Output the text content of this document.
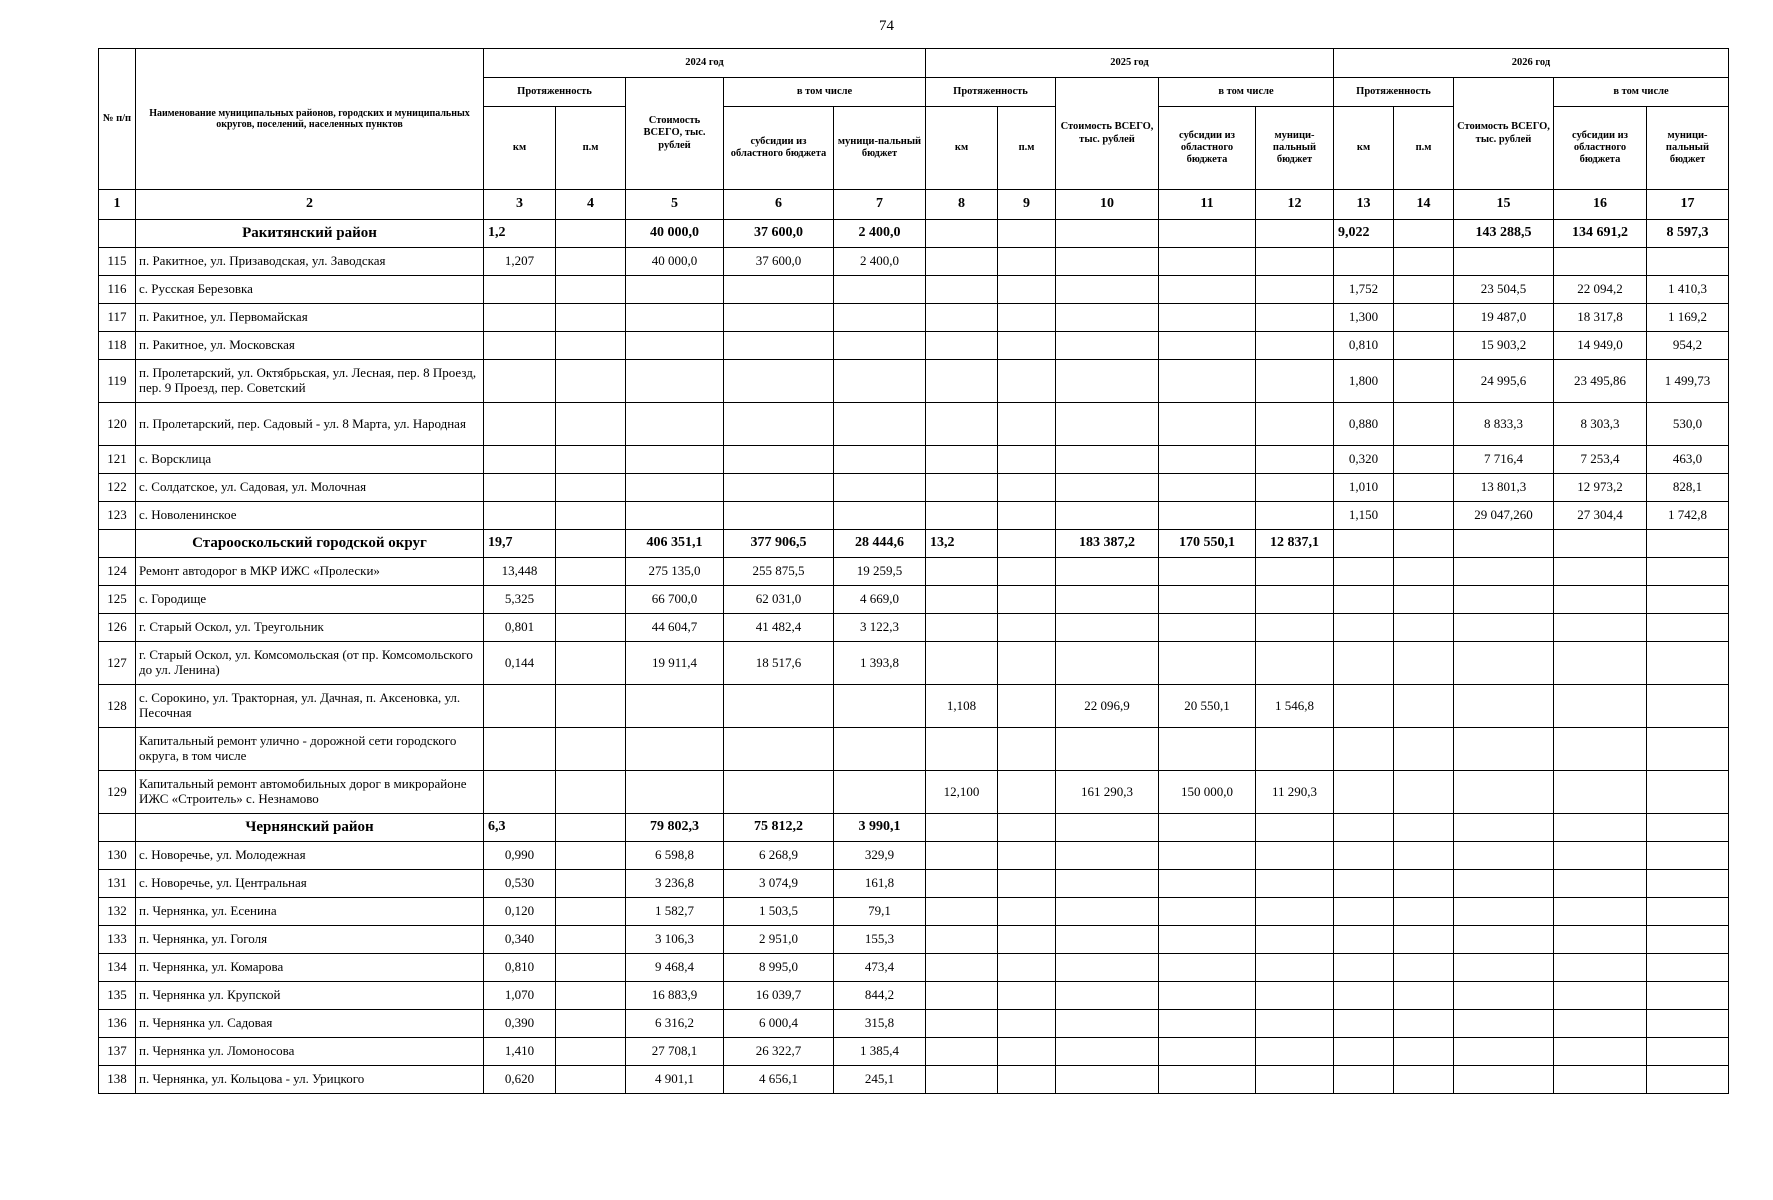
74
№ п/п	Наименование муниципальных районов, городских и муниципальных округов, поселений, населенных пунктов	2024 год					2025 год					2026 год				
		Протяженность		Стоимость ВСЕГО, тыс. рублей	в том числе		Протяженность		Стоимость ВСЕГО, тыс. рублей	в том числе		Протяженность		Стоимость ВСЕГО, тыс. рублей	в том числе	
		км	п.м		субсидии из областного бюджета	муници-пальный бюджет	км	п.м		субсидии из областного бюджета	муници-пальный бюджет	км	п.м		субсидии из областного бюджета	муници-пальный бюджет
1	2	3	4	5	6	7	8	9	10	11	12	13	14	15	16	17
	Ракитянский район	1,2		40 000,0	37 600,0	2 400,0						9,022		143 288,5	134 691,2	8 597,3
115	п. Ракитное, ул. Призаводская, ул. Заводская	1,207		40 000,0	37 600,0	2 400,0										
116	с. Русская Березовка											1,752		23 504,5	22 094,2	1 410,3
117	п. Ракитное, ул. Первомайская											1,300		19 487,0	18 317,8	1 169,2
118	п. Ракитное, ул. Московская											0,810		15 903,2	14 949,0	954,2
119	п. Пролетарский, ул. Октябрьская, ул. Лесная, пер. 8 Проезд, пер. 9 Проезд, пер. Советский											1,800		24 995,6	23 495,86	1 499,73
120	п. Пролетарский, пер. Садовый - ул. 8 Марта, ул. Народная											0,880		8 833,3	8 303,3	530,0
121	с. Ворсклица											0,320		7 716,4	7 253,4	463,0
122	с. Солдатское, ул. Садовая, ул. Молочная											1,010		13 801,3	12 973,2	828,1
123	с. Новоленинское											1,150		29 047,260	27 304,4	1 742,8
	Старооскольский городской округ	19,7		406 351,1	377 906,5	28 444,6	13,2		183 387,2	170 550,1	12 837,1					
124	Ремонт автодорог в МКР ИЖС «Пролески»	13,448		275 135,0	255 875,5	19 259,5										
125	с. Городище	5,325		66 700,0	62 031,0	4 669,0										
126	г. Старый Оскол, ул. Треугольник	0,801		44 604,7	41 482,4	3 122,3										
127	г. Старый Оскол, ул. Комсомольская (от пр. Комсомольского до ул. Ленина)	0,144		19 911,4	18 517,6	1 393,8										
128	с. Сорокино, ул. Тракторная, ул. Дачная, п. Аксеновка, ул. Песочная						1,108		22 096,9	20 550,1	1 546,8					
	Капитальный ремонт улично - дорожной сети городского округа, в том числе															
129	Капитальный ремонт автомобильных дорог в микрорайоне ИЖС «Строитель» с. Незнамово						12,100		161 290,3	150 000,0	11 290,3					
	Чернянский район	6,3		79 802,3	75 812,2	3 990,1										
130	с. Новоречье, ул. Молодежная	0,990		6 598,8	6 268,9	329,9										
131	с. Новоречье, ул. Центральная	0,530		3 236,8	3 074,9	161,8										
132	п. Чернянка, ул. Есенина	0,120		1 582,7	1 503,5	79,1										
133	п. Чернянка, ул. Гоголя	0,340		3 106,3	2 951,0	155,3										
134	п. Чернянка, ул. Комарова	0,810		9 468,4	8 995,0	473,4										
135	п. Чернянка ул. Крупской	1,070		16 883,9	16 039,7	844,2										
136	п. Чернянка ул. Садовая	0,390		6 316,2	6 000,4	315,8										
137	п. Чернянка ул. Ломоносова	1,410		27 708,1	26 322,7	1 385,4										
138	п. Чернянка, ул. Кольцова - ул. Урицкого	0,620		4 901,1	4 656,1	245,1										
